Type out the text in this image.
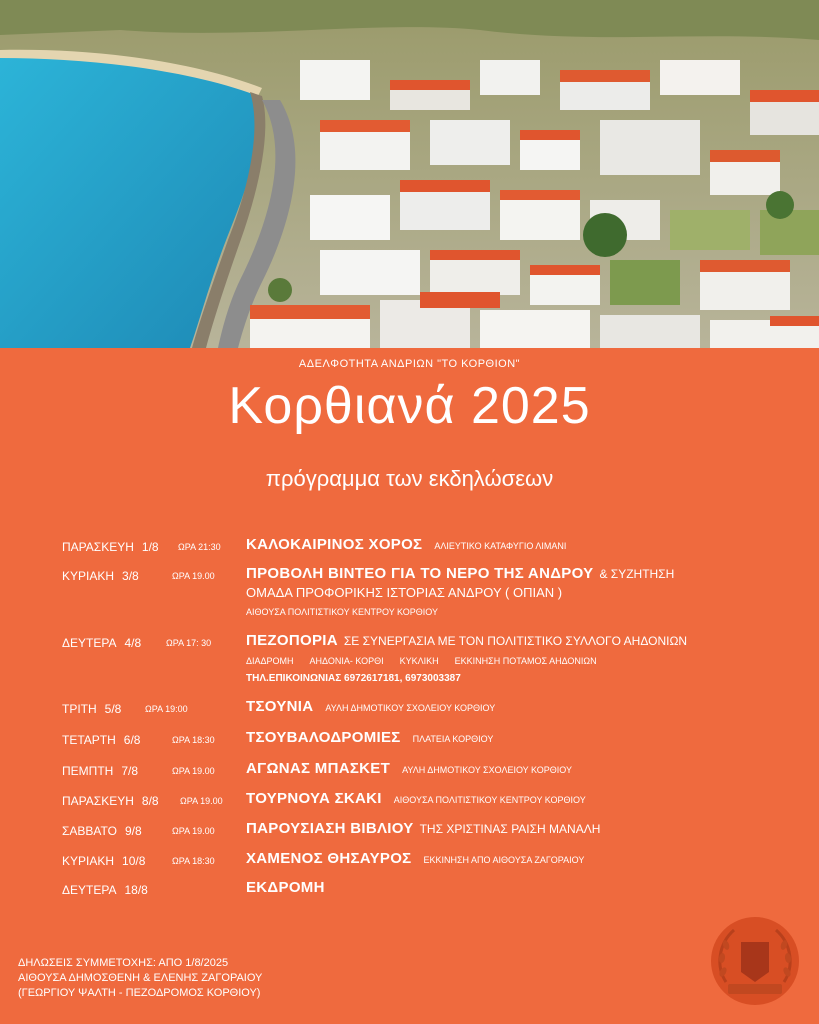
ΑΔΕΛΦΟΤΗΤΑ ΑΝΔΡΙΩΝ "ΤΟ ΚΟΡΘΙΟΝ"
Κορθιανά 2025
πρόγραμμα των εκδηλώσεων
ΠΑΡΑΣΚΕΥΗ 1/8 ΩΡΑ 21:30 ΚΑΛΟΚΑΙΡΙΝΟΣ ΧΟΡΟΣ ΑΛΙΕΥΤΙΚΟ ΚΑΤΑΦΥΓΙΟ ΛΙΜΑΝΙ
ΚΥΡΙΑΚΗ 3/8	ΩΡΑ 19.00 ΠΡΟΒΟΛΗ ΒΙΝΤΕΟ ΓΙΑ ΤΟ ΝΕΡΟ ΤΗΣ ΑΝΔΡΟΥ & ΣΥΖΗΤΗΣΗ
ΟΜΑΔΑ ΠΡΟΦΟΡΙΚΗΣ ΙΣΤΟΡΙΑΣ ΑΝΔΡΟΥ ( ΟΠΙΑΝ )
ΑΙΘΟΥΣΑ ΠΟΛΙΤΙΣΤΙΚΟΥ ΚΕΝΤΡΟΥ ΚΟΡΘΙΟΥ
ΔΕΥΤΕΡΑ 4/8	ΩΡΑ 17: 30 ΠΕΖΟΠΟΡΙΑ ΣΕ ΣΥΝΕΡΓΑΣΙΑ ΜΕ ΤΟΝ ΠΟΛΙΤΙΣΤΙΚΟ ΣΥΛΛΟΓΟ ΑΗΔΟΝΙΩΝ
ΔΙΑΔΡΟΜΗ ΑΗΔΟΝΙΑ- ΚΟΡΘΙ ΚΥΚΛΙΚΗ ΕΚΚΙΝΗΣΗ ΠΟΤΑΜΟΣ ΑΗΔΟΝΙΩΝ
ΤΗΛ.ΕΠΙΚΟΙΝΩΝΙΑΣ 6972617181, 6973003387
ΤΡΙΤΗ 5/8	ΩΡΑ 19:00	ΤΣΟΥΝΙΑ ΑΥΛΗ ΔΗΜΟΤΙΚΟΥ ΣΧΟΛΕΙΟΥ ΚΟΡΘΙΟΥ
ΤΕΤΑΡΤΗ 6/8	ΩΡΑ 18:30 ΤΣΟΥΒΑΛΟΔΡΟΜΙΕΣ ΠΛΑΤΕΙΑ ΚΟΡΘΙΟΥ
ΠΕΜΠΤΗ 7/8	ΩΡΑ 19.00 ΑΓΩΝΑΣ ΜΠΑΣΚΕΤ ΑΥΛΗ ΔΗΜΟΤΙΚΟΥ ΣΧΟΛΕΙΟΥ ΚΟΡΘΙΟΥ
ΠΑΡΑΣΚΕΥΗ 8/8 ΩΡΑ 19.00 ΤΟΥΡΝΟΥΑ ΣΚΑΚΙ ΑΙΘΟΥΣΑ ΠΟΛΙΤΙΣΤΙΚΟΥ ΚΕΝΤΡΟΥ ΚΟΡΘΙΟΥ
ΣΑΒΒΑΤΟ 9/8	ΩΡΑ 19.00 ΠΑΡΟΥΣΙΑΣΗ ΒΙΒΛΙΟΥ ΤΗΣ ΧΡΙΣΤΙΝΑΣ ΡΑΙΣΗ ΜΑΝΑΛΗ
ΚΥΡΙΑΚΗ 10/8	ΩΡΑ 18:30 ΧΑΜΕΝΟΣ ΘΗΣΑΥΡΟΣ ΕΚΚΙΝΗΣΗ ΑΠΟ ΑΙΘΟΥΣΑ ΖΑΓΟΡΑΙΟΥ
ΔΕΥΤΕΡΑ 18/8	ΕΚΔΡΟΜΗ
ΔΗΛΩΣΕΙΣ ΣΥΜΜΕΤΟΧΗΣ: ΑΠΟ 1/8/2025
ΑΙΘΟΥΣΑ ΔΗΜΟΣΘΕΝΗ & ΕΛΕΝΗΣ ΖΑΓΟΡΑΙΟΥ
(ΓΕΩΡΓΙΟΥ ΨΑΛΤΗ - ΠΕΖΟΔΡΟΜΟΣ ΚΟΡΘΙΟΥ)
